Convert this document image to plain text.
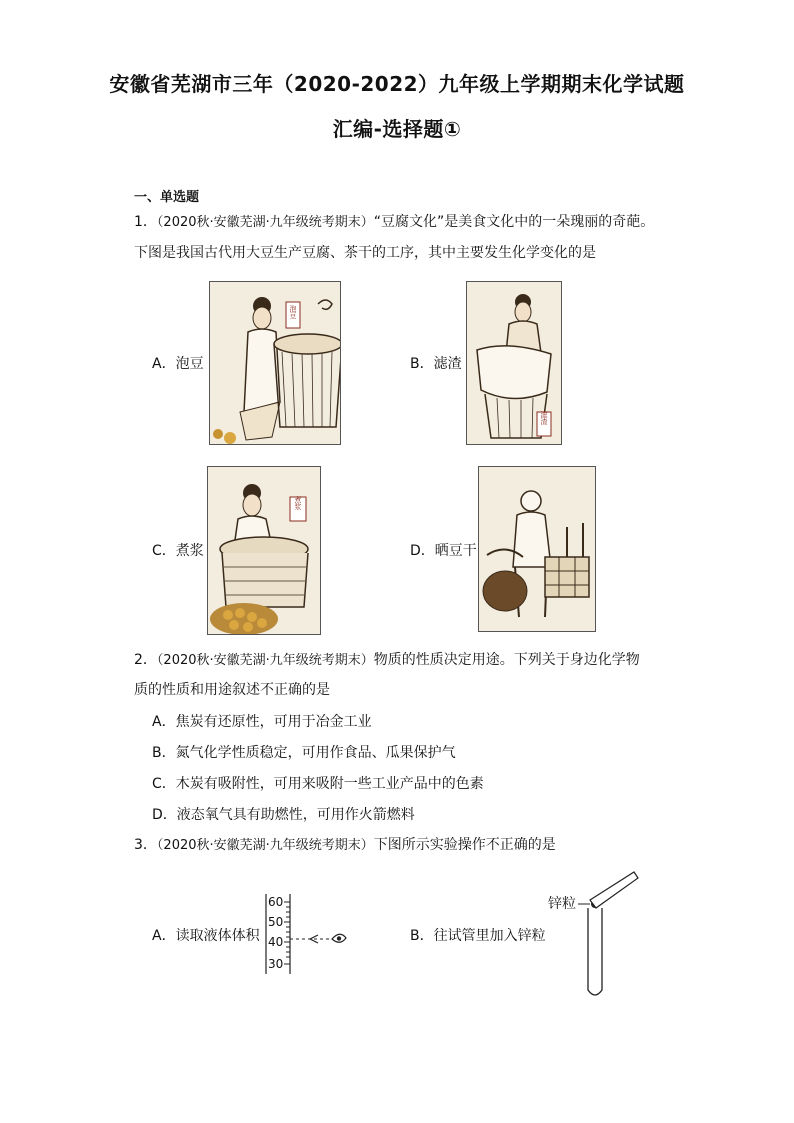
安徽省芜湖市三年（2020-2022）九年级上学期期末化学试题
汇编-选择题①
一、单选题
1．（2020秋·安徽芜湖·九年级统考期末）“豆腐文化”是美食文化中的一朵瑰丽的奇葩。
下图是我国古代用大豆生产豆腐、茶干的工序，其中主要发生化学变化的是
A．泡豆
泡豆
B．滤渣
滤渣
C．煮浆
煮浆
D．晒豆干
2．（2020秋·安徽芜湖·九年级统考期末）物质的性质决定用途。下列关于身边化学物
质的性质和用途叙述不正确的是
A．焦炭有还原性，可用于冶金工业
B．氮气化学性质稳定，可用作食品、瓜果保护气
C．木炭有吸附性，可用来吸附一些工业产品中的色素
D．液态氧气具有助燃性，可用作火箭燃料
3．（2020秋·安徽芜湖·九年级统考期末）下图所示实验操作不正确的是
A．读取液体体积
60
50
40
30
B．往试管里加入锌粒
锌粒
